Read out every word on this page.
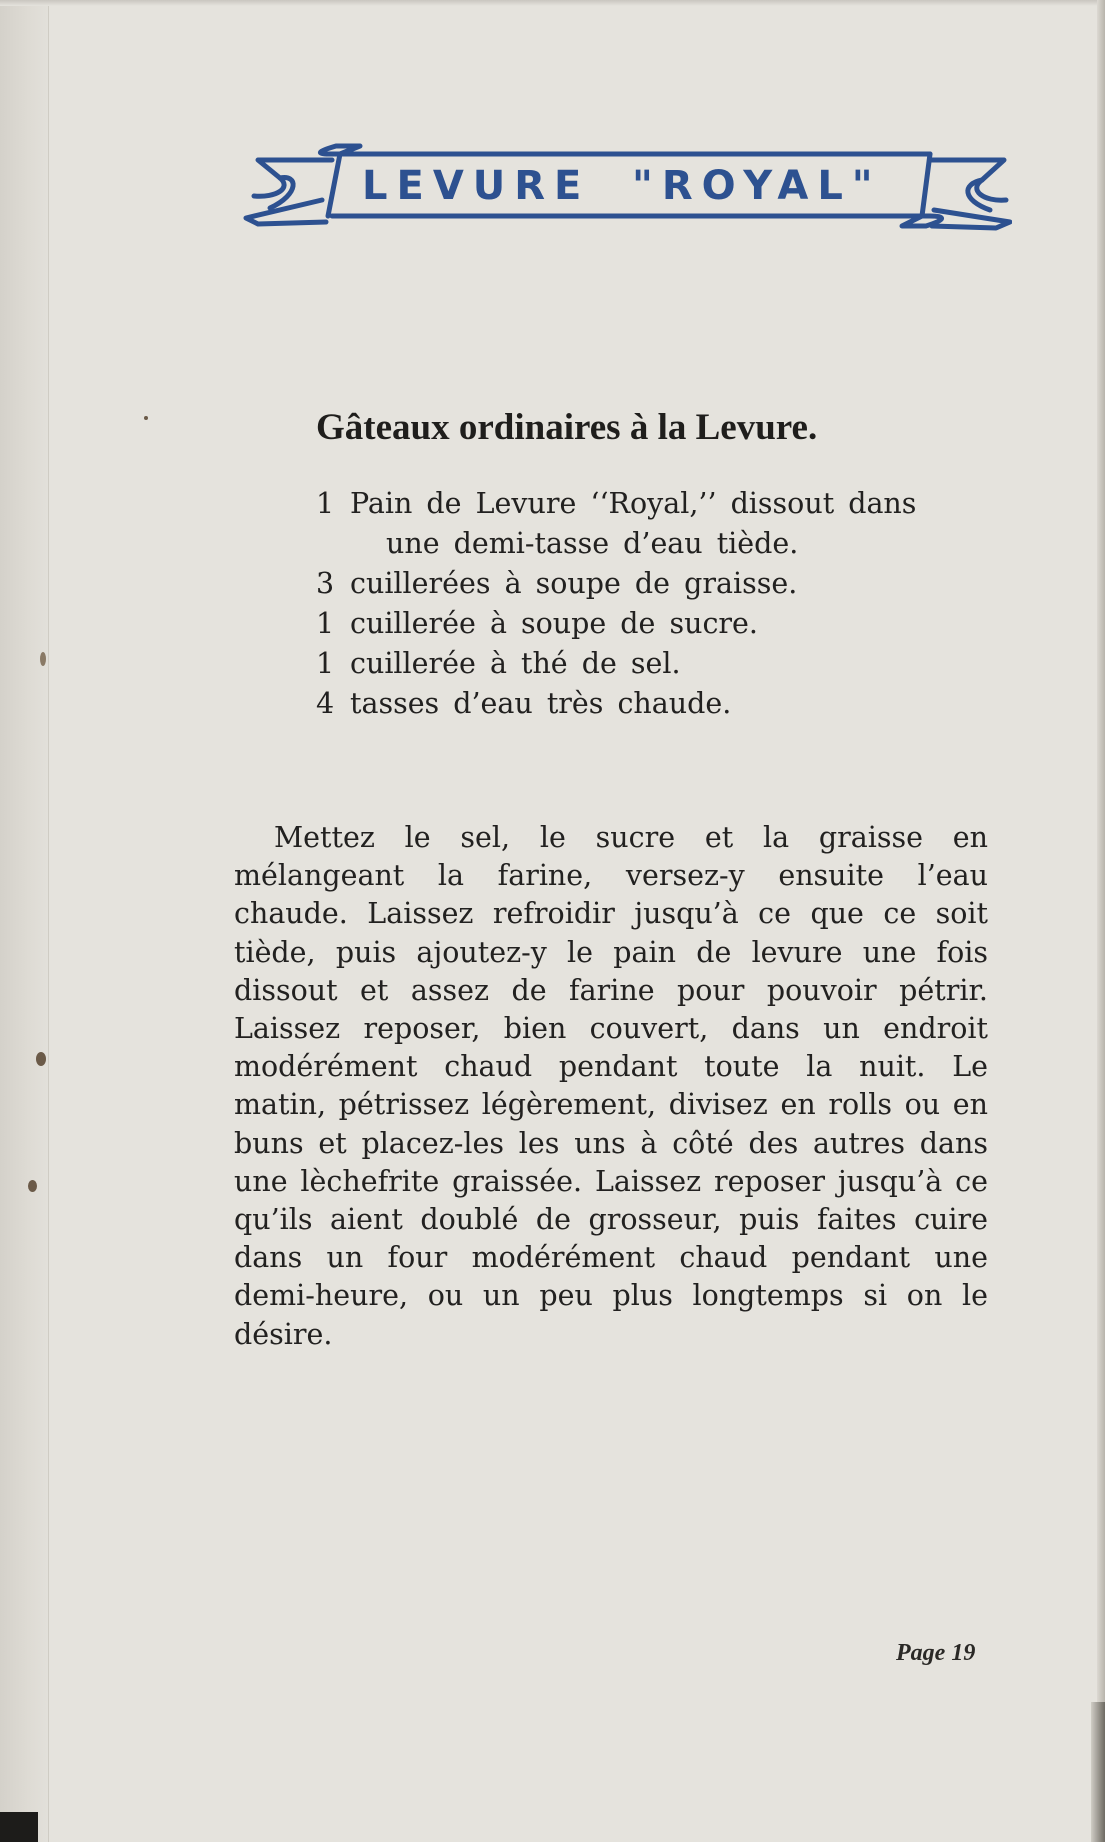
LEVURE "ROYAL"
Gâteaux ordinaires à la Levure.

1 Pain de Levure ‘‘Royal,’’ dissout dans une demi-tasse d’eau tiède.

3 cuillerées à soupe de graisse.

1 cuillerée à soupe de sucre.

1 cuillerée à thé de sel.

4 tasses d’eau très chaude.

Mettez le sel, le sucre et la graisse en mélangeant la farine, versez-y ensuite l’eau chaude. Laissez refroidir jusqu’à ce que ce soit tiède, puis ajoutez-y le pain de levure une fois dissout et assez de farine pour pouvoir pétrir. Laissez reposer, bien couvert, dans un endroit modérément chaud pendant toute la nuit. Le matin, pétrissez légèrement, divisez en rolls ou en buns et placez-les les uns à côté des autres dans une lèchefrite graissée. Laissez reposer jusqu’à ce qu’ils aient doublé de grosseur, puis faites cuire dans un four modérément chaud pendant une demi-heure, ou un peu plus longtemps si on le désire.
Page 19
